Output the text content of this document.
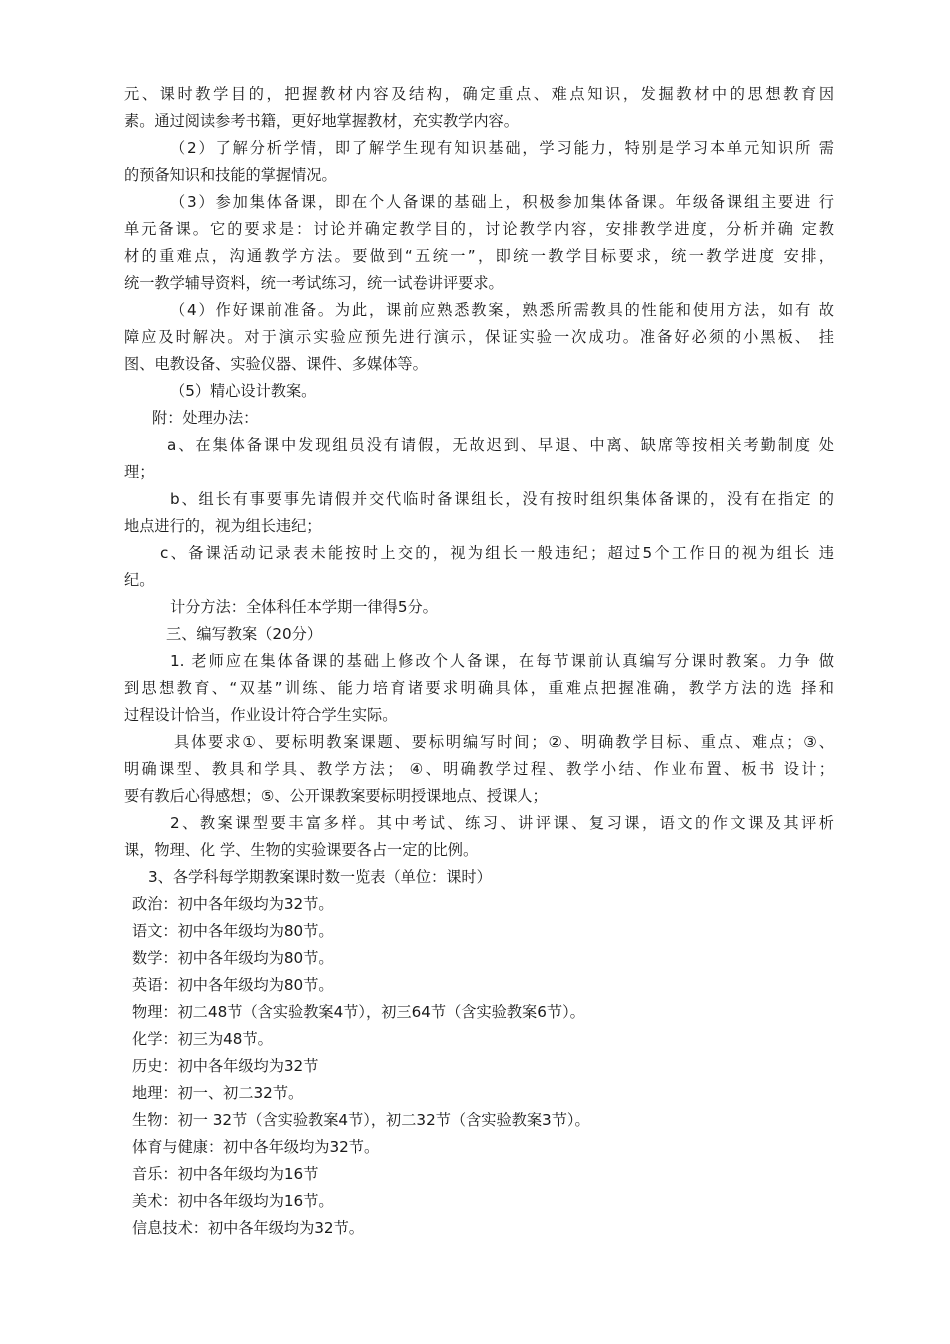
元、课时教学目的，把握教材内容及结构，确定重点、难点知识，发掘教材中的思想教育因
素。通过阅读参考书籍，更好地掌握教材，充实教学内容。
（2）了解分析学情，即了解学生现有知识基础，学习能力，特别是学习本单元知识所 需
的预备知识和技能的掌握情况。
（3）参加集体备课，即在个人备课的基础上，积极参加集体备课。年级备课组主要进 行
单元备课。它的要求是：讨论并确定教学目的，讨论教学内容，安排教学进度，分析并确 定教
材的重难点，沟通教学方法。要做到“五统一”，即统一教学目标要求，统一教学进度 安排，
统一教学辅导资料，统一考试练习，统一试卷讲评要求。
（4）作好课前准备。为此，课前应熟悉教案，熟悉所需教具的性能和使用方法，如有 故
障应及时解决。对于演示实验应预先进行演示，保证实验一次成功。准备好必须的小黑板、 挂
图、电教设备、实验仪器、课件、多媒体等。
（5）精心设计教案。
附：处理办法：
a、在集体备课中发现组员没有请假，无故迟到、早退、中离、缺席等按相关考勤制度 处
理；
b、组长有事要事先请假并交代临时备课组长，没有按时组织集体备课的，没有在指定 的
地点进行的，视为组长违纪；
c、备课活动记录表未能按时上交的，视为组长一般违纪；超过5个工作日的视为组长 违
纪。
计分方法：全体科任本学期一律得5分。
三、编写教案（20分）
1. 老师应在集体备课的基础上修改个人备课，在每节课前认真编写分课时教案。力争 做
到思想教育、“双基”训练、能力培育诸要求明确具体，重难点把握准确，教学方法的选 择和
过程设计恰当，作业设计符合学生实际。
具体要求①、要标明教案课题、要标明编写时间；②、明确教学目标、重点、难点；③、
明确课型、教具和学具、教学方法； ④、明确教学过程、教学小结、作业布置、板书 设计；
要有教后心得感想；⑤、公开课教案要标明授课地点、授课人；
2、教案课型要丰富多样。其中考试、练习、讲评课、复习课，语文的作文课及其评析
课，物理、化 学、生物的实验课要各占一定的比例。
3、各学科每学期教案课时数一览表（单位：课时）
政治：初中各年级均为32节。
语文：初中各年级均为80节。
数学：初中各年级均为80节。
英语：初中各年级均为80节。
物理：初二48节（含实验教案4节），初三64节（含实验教案6节）。
化学：初三为48节。
历史：初中各年级均为32节
地理：初一、初二32节。
生物：初一 32节（含实验教案4节），初二32节（含实验教案3节）。
体育与健康：初中各年级均为32节。
音乐：初中各年级均为16节
美术：初中各年级均为16节。
信息技术：初中各年级均为32节。
